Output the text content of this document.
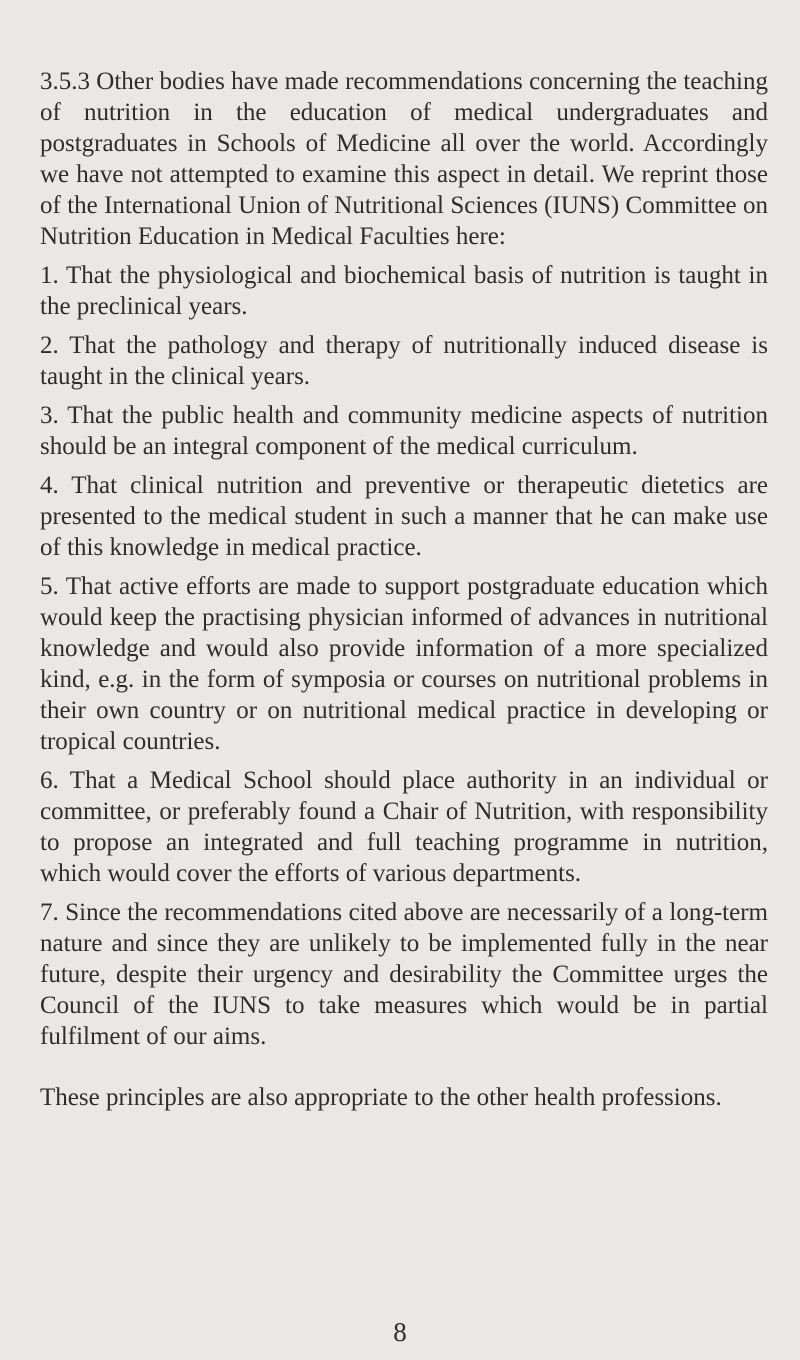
3.5.3 Other bodies have made recommendations concerning the teaching of nutrition in the education of medical undergraduates and postgraduates in Schools of Medicine all over the world. Accordingly we have not attempted to examine this aspect in detail. We reprint those of the International Union of Nutritional Sciences (IUNS) Committee on Nutrition Education in Medical Faculties here:

1. That the physiological and biochemical basis of nutrition is taught in the preclinical years.

2. That the pathology and therapy of nutritionally induced disease is taught in the clinical years.

3. That the public health and community medicine aspects of nutrition should be an integral component of the medical curriculum.

4. That clinical nutrition and preventive or therapeutic dietetics are presented to the medical student in such a manner that he can make use of this knowledge in medical practice.

5. That active efforts are made to support postgraduate education which would keep the practising physician informed of advances in nutritional knowledge and would also provide information of a more specialized kind, e.g. in the form of symposia or courses on nutritional problems in their own country or on nutritional medical practice in developing or tropical countries.

6. That a Medical School should place authority in an individual or committee, or preferably found a Chair of Nutrition, with responsibility to propose an integrated and full teaching programme in nutrition, which would cover the efforts of various departments.

7. Since the recommendations cited above are necessarily of a long-term nature and since they are unlikely to be implemented fully in the near future, despite their urgency and desirability the Committee urges the Council of the IUNS to take measures which would be in partial fulfilment of our aims.

These principles are also appropriate to the other health professions.

8
